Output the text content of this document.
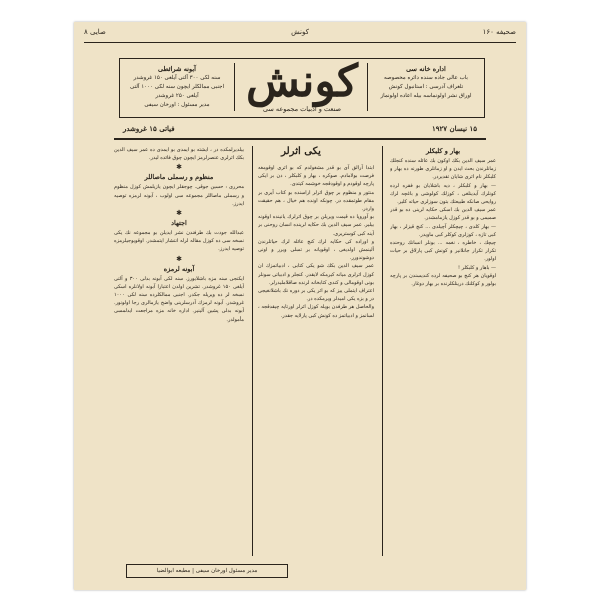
صحيفه ۱۶۰
كونش
صايى ۸
آبونه شرائطى
سنه لكى ۳۰۰ آلتى آيلغى ۱۵۰ غروشدر
اجنبى ممالكلر ايچون سنه لكى ۱۰۰۰ آلتى
آيلغى ۲۵۰ غروشدر
مدير مسئول : اورخان سيفى كونش
صنعت و ادبيات مجموعه سى
اداره خانه سى
باب عالى جاده سنده دائره مخصوصه
تلغراف آدرسى : استانبول كونش
اوراق نشر اولونماسه بيله اعاده اولونماز
۱۵ نيسان ۱۹۲۷
فياتى ۱۵ غروشدر
بهار و كلبكلر

عمر سيف الدين بكك اوكون بك عائله سنده كنجلك زمانلرندن بحث ايدن و او زمانلرى طورنه ده بهار و كلبكلر نام اثرى شايان تقديردر.

— بهار و كلبكلر ، ديه باشلايان بو فقره لرده كونلرك آيدينلغى ، كوزلك كولوشى و باغچه لرك روايحى صانكه طبيعتك بتون سوزلرى حياته كلير.

عمر سيف الدين بك اسكى حكايه لرينى ده بو قدر صميمى و بو قدر كوزل يازمامشدر.

— بهار كلدى ، چيچكلر آچيلدى ... كنج قيزلر ، بهار كبى تازه ، كوزلرى كوكلر كبى ماويدر.

چيچك ، خاطره ، نغمه ... بونلر انسانك روحنده تكرار تكرار جانلانير و كونش كبى پارلاق بر حيات اولور.

— باهار و كلبكلر !

اوقويان هر كنج بو صحيفه لرده كنديسندن بر پارچه بولور و كوكلنك درينلكلرنده بر بهار دوغار.

يكى اثرلر

ابتدا آرالق آى بو قدر مشغولدم كه بو اثرى اوقومغه فرصت بولامادم. صوكره ، بهار و كلبكلر ، دن بر ايكى پارچه اوقودم و اوقودقجه خوشمه كيتدى.

منثور و منظوم بر چوق اثرلر اراسنده بو كتاب آيرى بر مقام طوتمقده در. چونكه اونده هم خيال ، هم حقيقت واردر.

بو آوروپا ده قيمت ويريلن بر چوق اثرلرك يانينده اوقونه بيلير. عمر سيف الدين بك حكايه لرينده انسان روحنى بر آينه كبى كوستريرى.

و اوراده كى حكايه لرك كنج عائله لرك حياتلرندن آلينمش اولديغى ، اوقويانه بر تسلى ويرر و اونى دوشوندورر.

عمر سيف الدين بكك شو يكى كتابى ، ادبياتمزك ان كوزل اثرلرى ميانه كيرمكه لايقدر. كنجلر و ادبياتى سونلر بونى اوقومالى و كندى كتابخانه لرنده صاقلامليدرلر.

اعتراف ايتملى ييز كه بو اثر يكى بر دوره نك باشلانغيجى در و بزه يكى اميدلر ويرمكده در.

والحاصل هر طرفدن بويله كوزل اثرلر اورتايه چيقدقجه ، لسانمز و ادبياتمز ده كونش كبى پارلايه جقدر.

بيلديرلمكده در ، ايشته بو ايمدى بو ايمدى ده عمر سيف الدين بكك اثرلرى عنصرلرمز ايچون چوق فائده ليدر.

✱
منظوم و رسملى ماصاللر

محررى : حسين جوقى. چوجقلر ايچون يازيلمش كوزل منظوم و رسملى ماصاللر مجموعه سى اولوب ، آبونه لرمزه توصيه ايدرز.

✱
اجتهاد

عبدالله جودت بك طرفندن نشر ايديلن بو مجموعه نك يكى نسخه سى ده كوزل مقاله لرله انتشار ايتمشدر. اوقويوجيلرمزه توصيه ايدرز.

✱
آبونه لرمزه

ايكنجى سنه مزه باشلايورز. سنه لكى آبونه بدلى ۳۰۰ و آلتى آيلغى ۱۵۰ غروشدر. تشرين اولدن اعتبارا آبونه اولانلره اسكى نسخه لر ده ويريله جكدر. اجنبى ممالكلرده سنه لكى ۱۰۰۰ غروشدر. آبونه لرمزك آدرسلرينى واضح يازمالرى رجا اولونور. آبونه بدلى پشين آلينير. اداره خانه مزه مراجعت ايدلمسى مأمولدر.

مدير مسئول اورخان سيفى | مطبعه ابوالضيا
